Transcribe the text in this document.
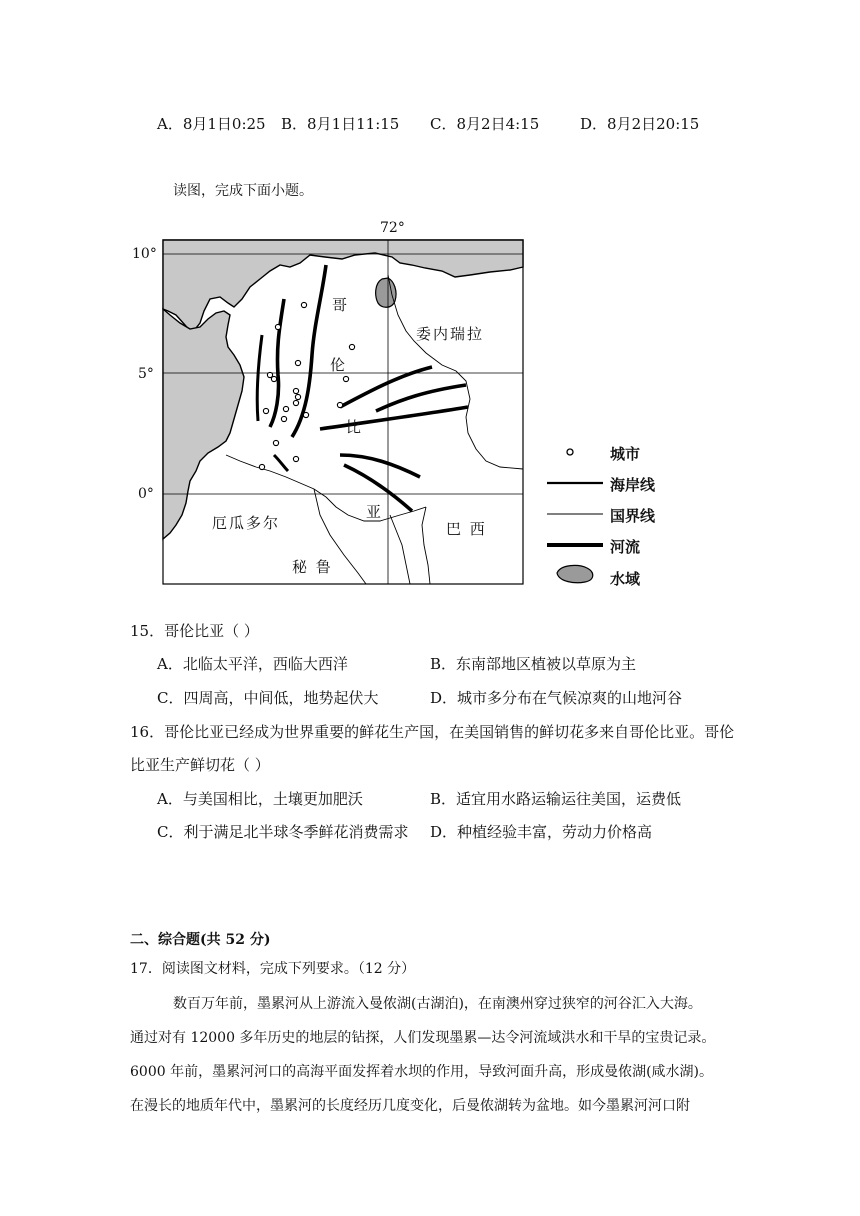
A．8月1日0:25 B．8月1日11:15 C．8月2日4:15	D．8月2日20:15
读图，完成下面小题。
72°
10°
5°
0°
哥
伦
比
亚
委内瑞拉
厄瓜多尔
秘 鲁
巴 西
城市
海岸线
国界线
河流
水域
15．哥伦比亚（ ）
A．北临太平洋，西临大西洋	B．东南部地区植被以草原为主
C．四周高，中间低，地势起伏大	D．城市多分布在气候凉爽的山地河谷
16．哥伦比亚已经成为世界重要的鲜花生产国，在美国销售的鲜切花多来自哥伦比亚。哥伦
比亚生产鲜切花（ ）
A．与美国相比，土壤更加肥沃	B．适宜用水路运输运往美国，运费低
C．利于满足北半球冬季鲜花消费需求 D．种植经验丰富，劳动力价格高
二、综合题(共 52 分)
17．阅读图文材料，完成下列要求。（12 分）
数百万年前，墨累河从上游流入曼侬湖(古湖泊)，在南澳州穿过狭窄的河谷汇入大海。
通过对有 12000 多年历史的地层的钻探，人们发现墨累—达令河流域洪水和干旱的宝贵记录。
6000 年前，墨累河河口的高海平面发挥着水坝的作用，导致河面升高，形成曼侬湖(咸水湖)。
在漫长的地质年代中，墨累河的长度经历几度变化，后曼侬湖转为盆地。如今墨累河河口附
